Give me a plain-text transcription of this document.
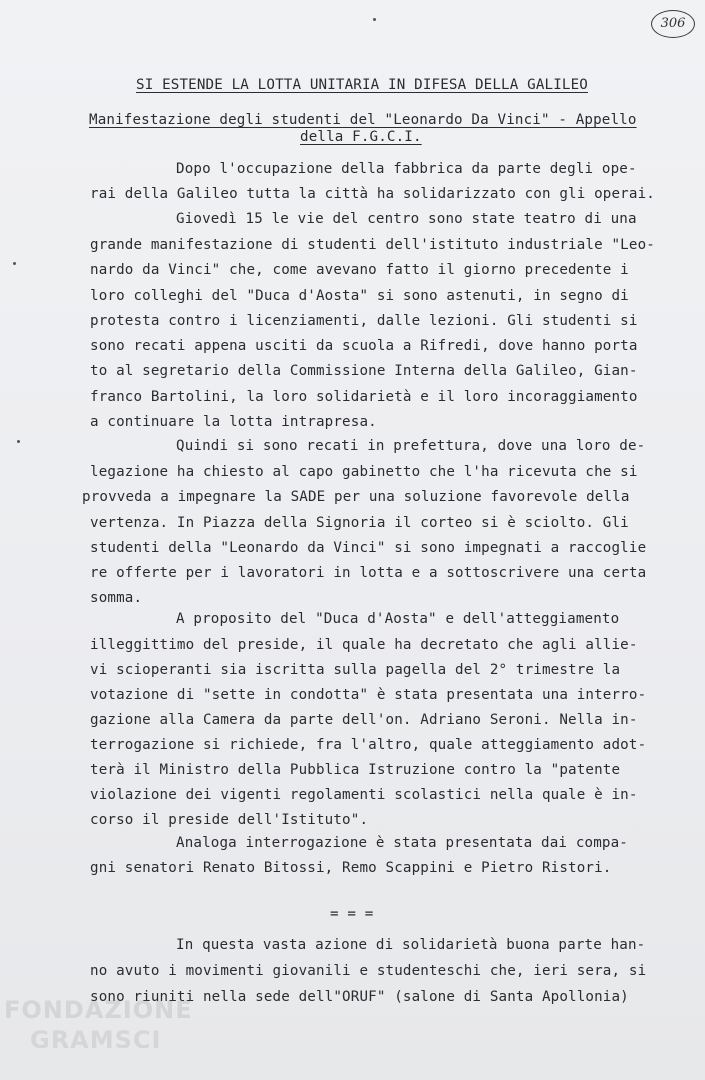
306
SI ESTENDE LA LOTTA UNITARIA IN DIFESA DELLA GALILEO
Manifestazione degli studenti del "Leonardo Da Vinci" - Appello
della F.G.C.I.
Dopo l'occupazione della fabbrica da parte degli ope-
rai della Galileo tutta la città ha solidarizzato con gli operai.
Giovedì 15 le vie del centro sono state teatro di una
grande manifestazione di studenti dell'istituto industriale "Leo-
nardo da Vinci" che, come avevano fatto il giorno precedente i
loro colleghi del "Duca d'Aosta" si sono astenuti, in segno di
protesta contro i licenziamenti, dalle lezioni. Gli studenti si
sono recati appena usciti da scuola a Rifredi, dove hanno porta
to al segretario della Commissione Interna della Galileo, Gian-
franco Bartolini, la loro solidarietà e il loro incoraggiamento
a continuare la lotta intrapresa.
Quindi si sono recati in prefettura, dove una loro de-
legazione ha chiesto al capo gabinetto che l'ha ricevuta che si
provveda a impegnare la SADE per una soluzione favorevole della
vertenza. In Piazza della Signoria il corteo si è sciolto. Gli
studenti della "Leonardo da Vinci" si sono impegnati a raccoglie
re offerte per i lavoratori in lotta e a sottoscrivere una certa
somma.
A proposito del "Duca d'Aosta" e dell'atteggiamento
illeggittimo del preside, il quale ha decretato che agli allie-
vi scioperanti sia iscritta sulla pagella del 2° trimestre la
votazione di "sette in condotta" è stata presentata una interro-
gazione alla Camera da parte dell'on. Adriano Seroni. Nella in-
terrogazione si richiede, fra l'altro, quale atteggiamento adot-
terà il Ministro della Pubblica Istruzione contro la "patente
violazione dei vigenti regolamenti scolastici nella quale è in-
corso il preside dell'Istituto".
Analoga interrogazione è stata presentata dai compa-
gni senatori Renato Bitossi, Remo Scappini e Pietro Ristori.
= = =
In questa vasta azione di solidarietà buona parte han-
no avuto i movimenti giovanili e studenteschi che, ieri sera, si
sono riuniti nella sede dell"ORUF" (salone di Santa Apollonia)
FONDAZIONE
GRAMSCI
